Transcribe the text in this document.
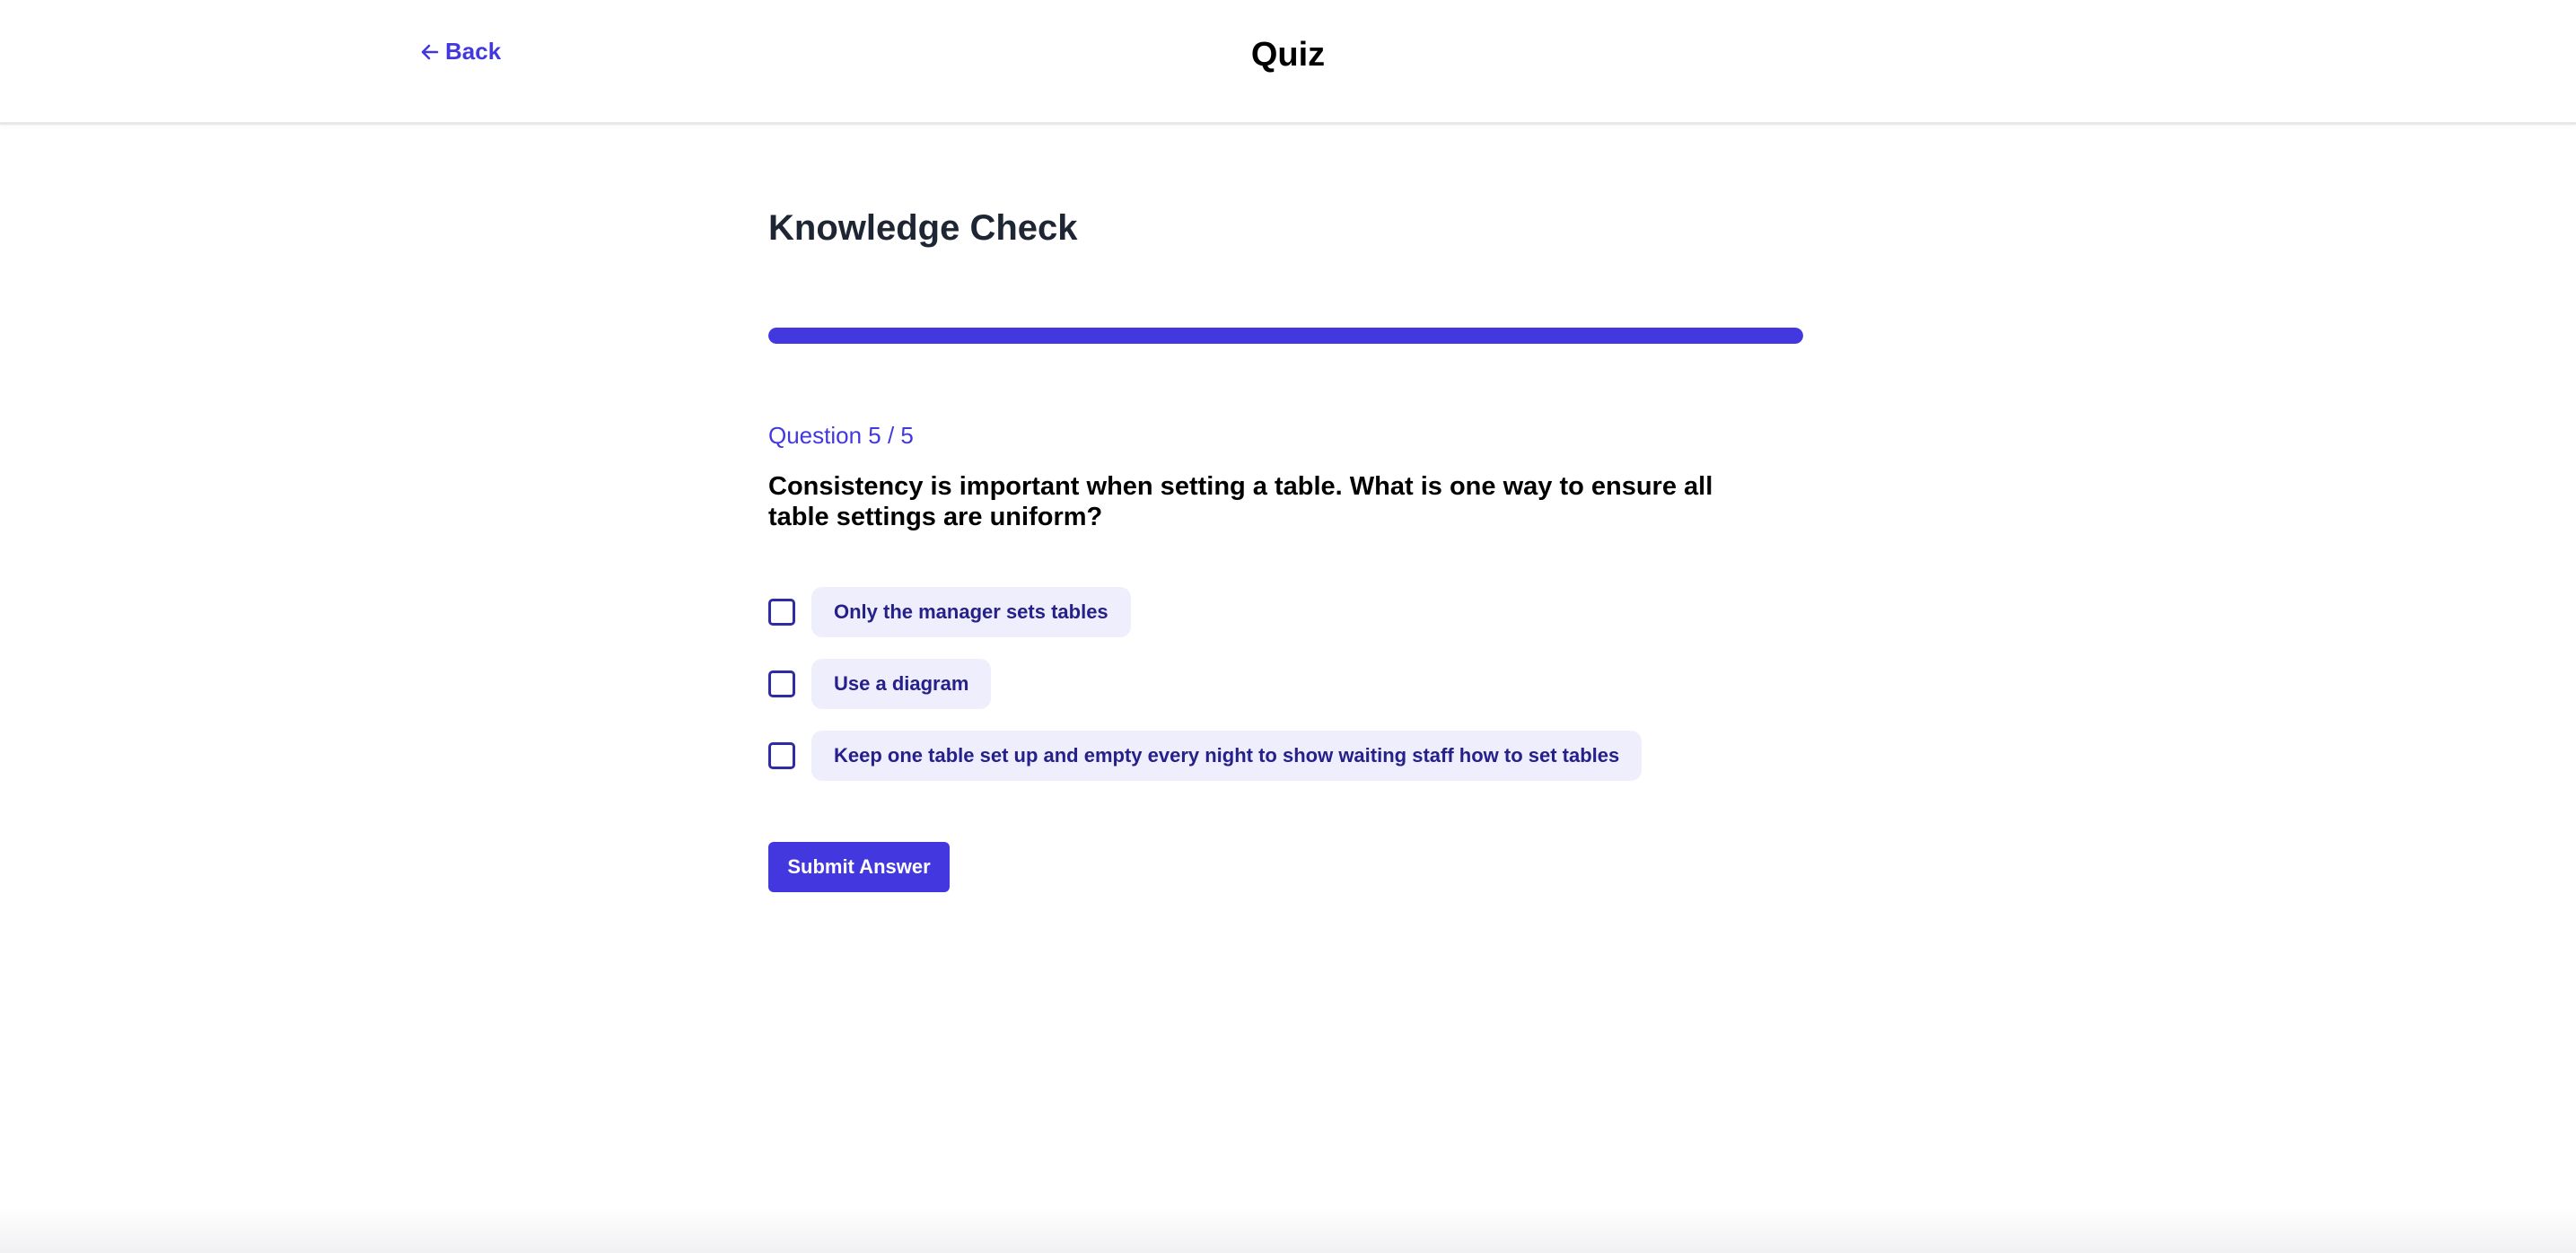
Back	Quiz
Knowledge Check
Question 5 / 5

Consistency is important when setting a table. What is one way to ensure all table settings are uniform?

Only the manager sets tables
Use a diagram
Keep one table set up and empty every night to show waiting staff how to set tables
Submit Answer
